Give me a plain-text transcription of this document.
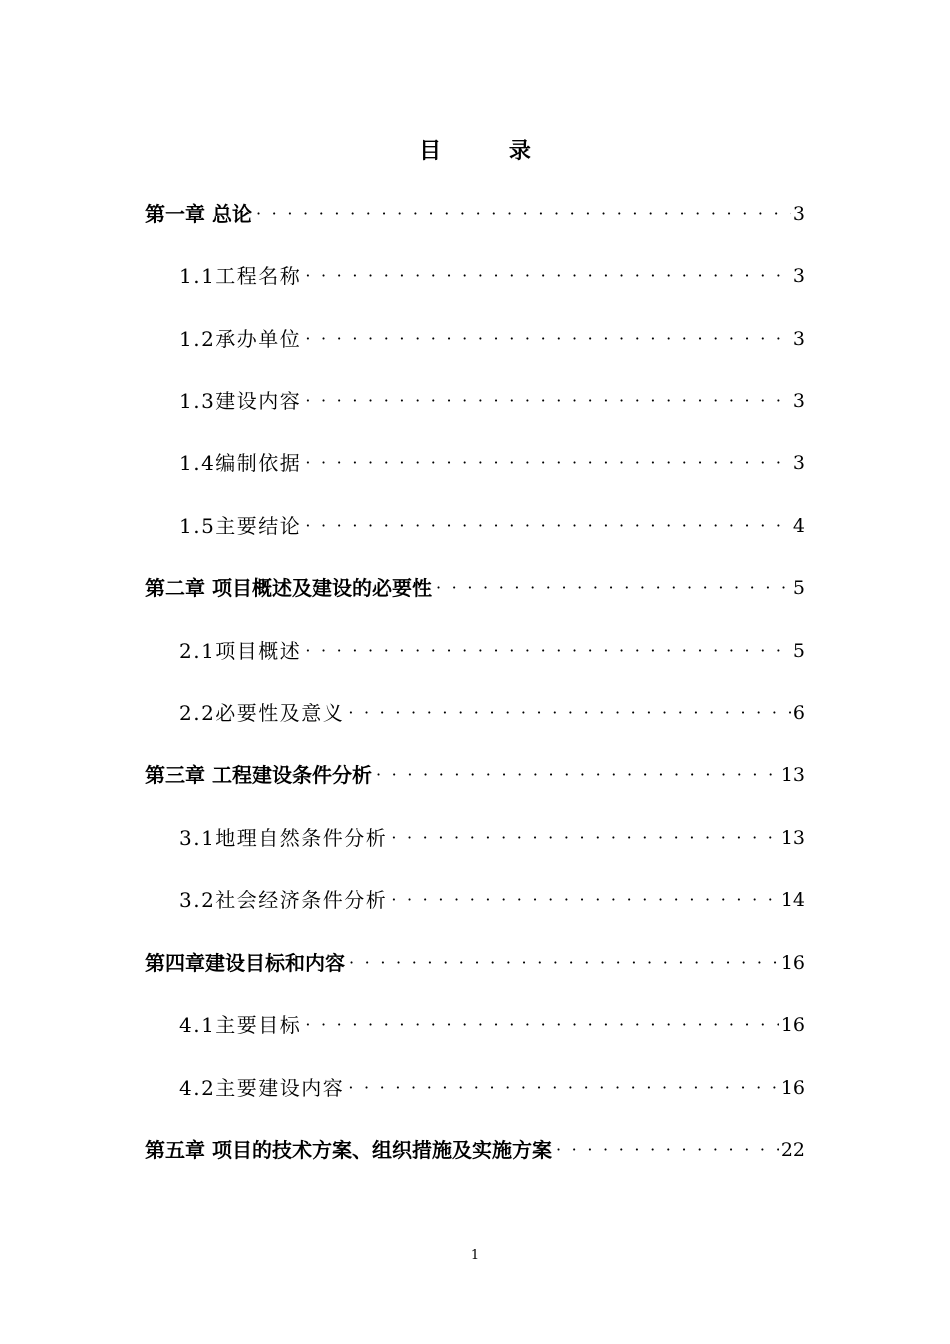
目 录
第一章 总论 ·····	3
1.1工程名称 ·····	3
1.2承办单位 ·····	3
1.3建设内容 ·····	3
1.4编制依据 ·····	3
1.5主要结论 ·····	4
第二章 项目概述及建设的必要性 ·····	5
2.1项目概述 ·····	5
2.2必要性及意义 ·····	6
第三章 工程建设条件分析 ·····	13
3.1地理自然条件分析 ·····	13
3.2社会经济条件分析 ·····	14
第四章建设目标和内容 ·····	16
4.1主要目标 ·····	16
4.2主要建设内容 ·····	16
第五章 项目的技术方案、组织措施及实施方案 ·····	22
1
